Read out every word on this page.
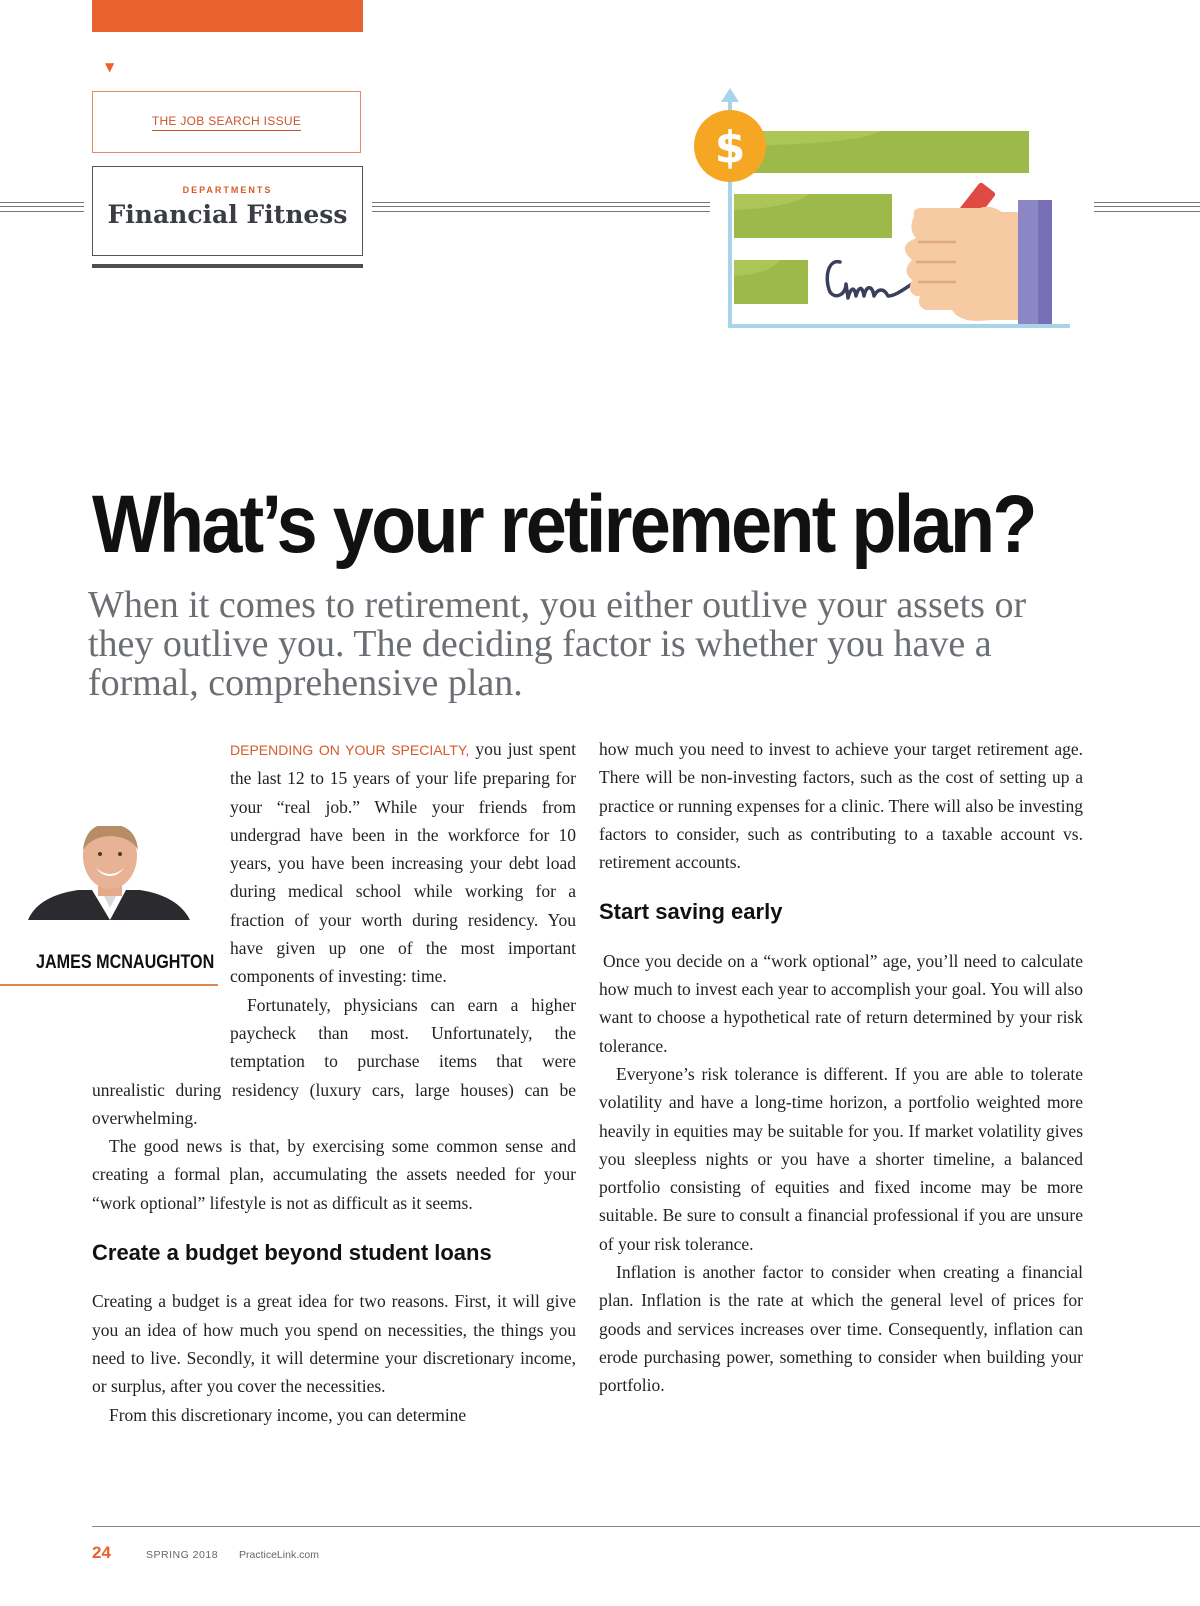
▼
THE JOB SEARCH ISSUE
DEPARTMENTS
Financial Fitness
$
What’s your retirement plan?
When it comes to retirement, you either outlive your assets or they outlive you. The deciding factor is whether you have a formal, comprehensive plan.
JAMES MCNAUGHTON

DEPENDING ON YOUR SPECIALTY, you just spent the last 12 to 15 years of your life preparing for your “real job.” While your friends from undergrad have been in the workforce for 10 years, you have been increasing your debt load during medical school while working for a fraction of your worth during residency. You have given up one of the most important components of investing: time.

Fortunately, physicians can earn a higher paycheck than most. Unfortunately, the temptation to purchase items that were unrealistic during residency (luxury cars, large houses) can be overwhelming.

The good news is that, by exercising some common sense and creating a formal plan, accumulating the assets needed for your “work optional” lifestyle is not as difficult as it seems.

Create a budget beyond student loans

Creating a budget is a great idea for two reasons. First, it will give you an idea of how much you spend on necessities, the things you need to live. Secondly, it will determine your discretionary income, or surplus, after you cover the necessities.

From this discretionary income, you can determine

how much you need to invest to achieve your target retirement age. There will be non-investing factors, such as the cost of setting up a practice or running expenses for a clinic. There will also be investing factors to consider, such as contributing to a taxable account vs. retirement accounts.

Start saving early

Once you decide on a “work optional” age, you’ll need to calculate how much to invest each year to accomplish your goal. You will also want to choose a hypothetical rate of return determined by your risk tolerance.

Everyone’s risk tolerance is different. If you are able to tolerate volatility and have a long-time horizon, a portfolio weighted more heavily in equities may be suitable for you. If market volatility gives you sleepless nights or you have a shorter timeline, a balanced portfolio consisting of equities and fixed income may be more suitable. Be sure to consult a financial professional if you are unsure of your risk tolerance.

Inflation is another factor to consider when creating a financial plan. Inflation is the rate at which the general level of prices for goods and services increases over time. Consequently, inflation can erode purchasing power, something to consider when building your portfolio.

24	SPRING 2018 PracticeLink.com
